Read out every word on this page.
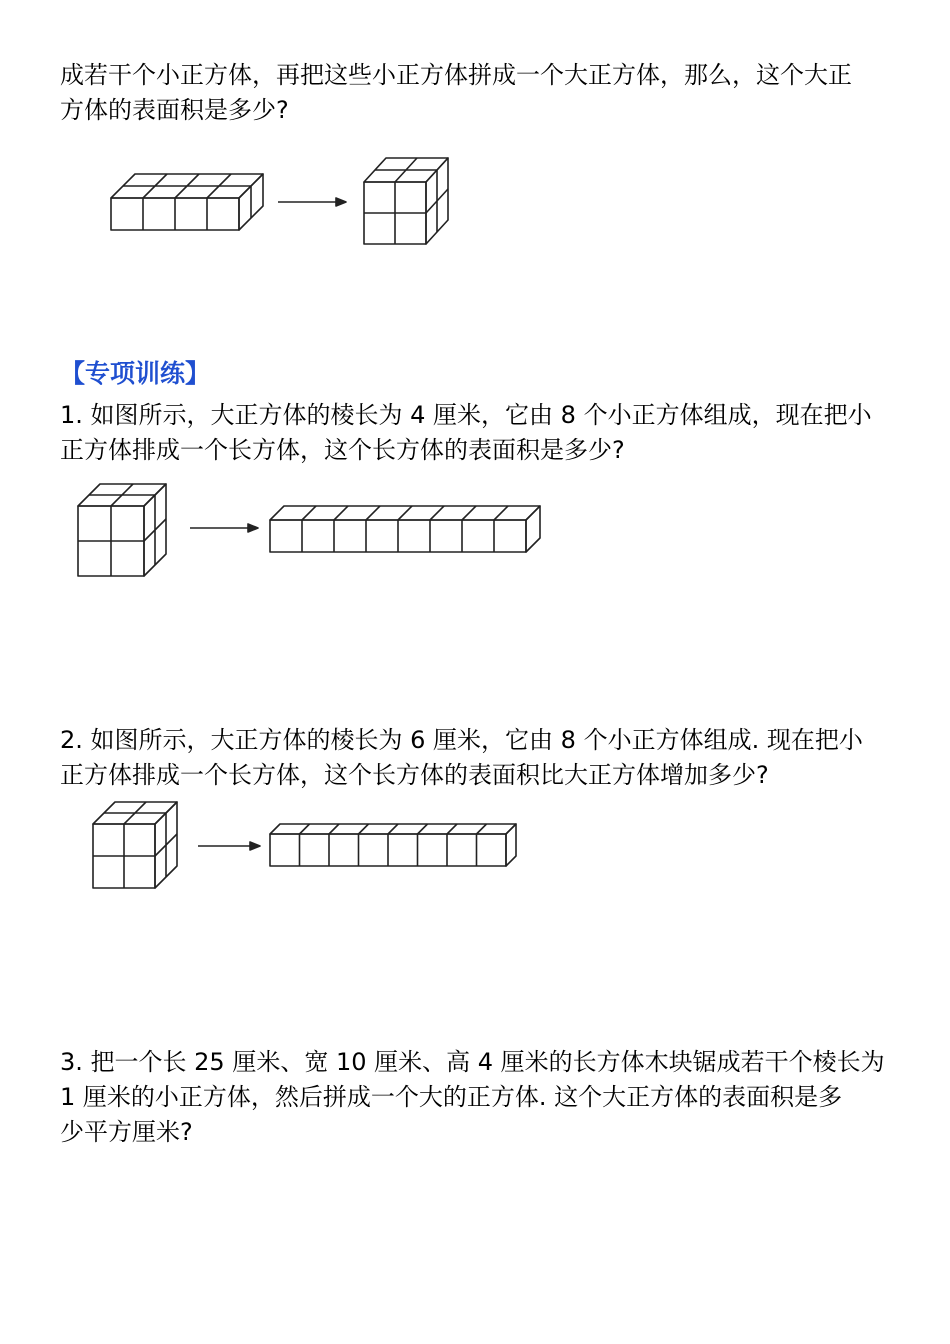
成若干个小正方体，再把这些小正方体拼成一个大正方体，那么，这个大正
方体的表面积是多少?
【专项训练】
1. 如图所示，大正方体的棱长为 4 厘米，它由 8 个小正方体组成，现在把小
正方体排成一个长方体，这个长方体的表面积是多少?
2. 如图所示，大正方体的棱长为 6 厘米，它由 8 个小正方体组成. 现在把小
正方体排成一个长方体，这个长方体的表面积比大正方体增加多少?
3. 把一个长 25 厘米、宽 10 厘米、高 4 厘米的长方体木块锯成若干个棱长为
1 厘米的小正方体，然后拼成一个大的正方体. 这个大正方体的表面积是多
少平方厘米?
